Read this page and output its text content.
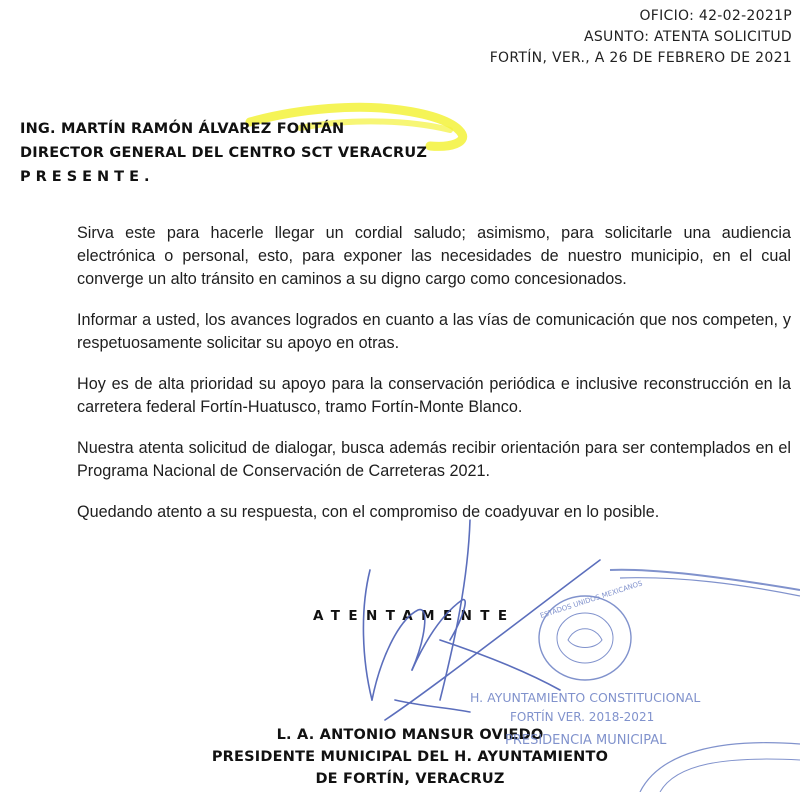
OFICIO: 42-02-2021P
ASUNTO: ATENTA SOLICITUD
FORTÍN, VER., A 26 DE FEBRERO DE 2021
ING. MARTÍN RAMÓN ÁLVAREZ FONTÁN
DIRECTOR GENERAL DEL CENTRO SCT VERACRUZ
PRESENTE.

Sirva este para hacerle llegar un cordial saludo; asimismo, para solicitarle una audiencia electrónica o personal, esto, para exponer las necesidades de nuestro municipio, en el cual converge un alto tránsito en caminos a su digno cargo como concesionados.

Informar a usted, los avances logrados en cuanto a las vías de comunicación que nos competen, y respetuosamente solicitar su apoyo en otras.

Hoy es de alta prioridad su apoyo para la conservación periódica e inclusive reconstrucción en la carretera federal Fortín-Huatusco, tramo Fortín-Monte Blanco.

Nuestra atenta solicitud de dialogar, busca además recibir orientación para ser contemplados en el Programa Nacional de Conservación de Carreteras 2021.

Quedando atento a su respuesta, con el compromiso de coadyuvar en lo posible.

ATENTAMENTE
L. A. ANTONIO MANSUR OVIEDO
PRESIDENTE MUNICIPAL DEL H. AYUNTAMIENTO
DE FORTÍN, VERACRUZ
ESTADOS UNIDOS MEXICANOS
H. AYUNTAMIENTO CONSTITUCIONAL
FORTÍN VER. 2018-2021
PRESIDENCIA MUNICIPAL
